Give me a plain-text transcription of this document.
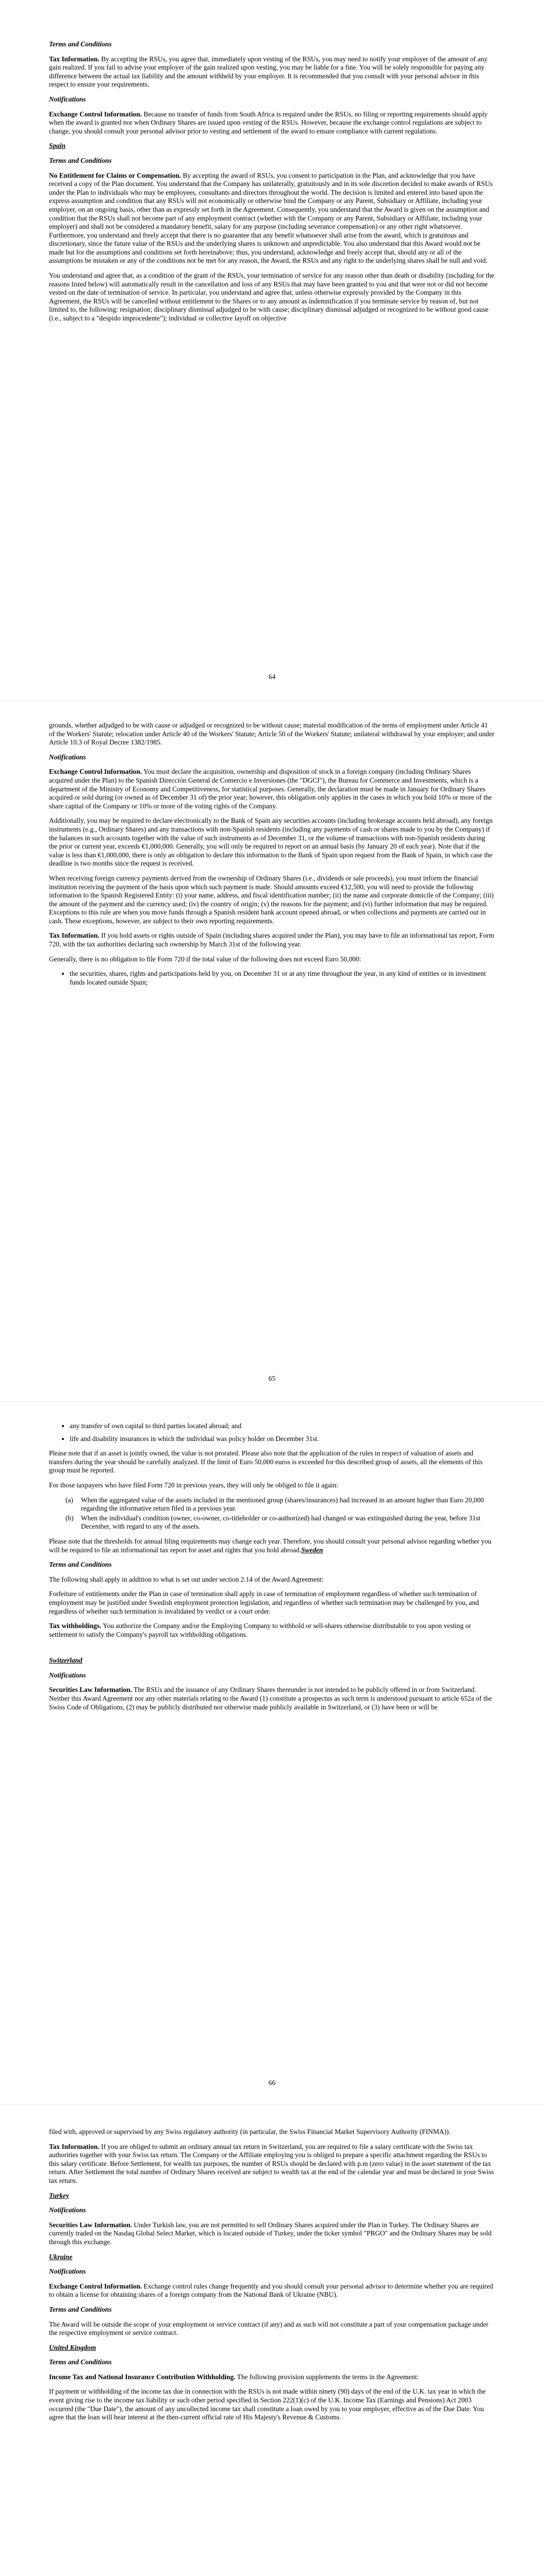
Terms and Conditions

Tax Information. By accepting the RSUs, you agree that, immediately upon vesting of the RSUs, you may need to notify your employer of the amount of any gain realized. If you fail to advise your employer of the gain realized upon vesting, you may be liable for a fine. You will be solely responsible for paying any difference between the actual tax liability and the amount withheld by your employer. It is recommended that you consult with your personal advisor in this respect to ensure your requirements.

Notifications

Exchange Control Information. Because no transfer of funds from South Africa is required under the RSUs, no filing or reporting requirements should apply when the award is granted nor when Ordinary Shares are issued upon vesting of the RSUs. However, because the exchange control regulations are subject to change, you should consult your personal advisor prior to vesting and settlement of the award to ensure compliance with current regulations.

Spain
Terms and Conditions

No Entitlement for Claims or Compensation. By accepting the award of RSUs, you consent to participation in the Plan, and acknowledge that you have received a copy of the Plan document. You understand that the Company has unilaterally, gratuitously and in its sole discretion decided to make awards of RSUs under the Plan to individuals who may be employees, consultants and directors throughout the world. The decision is limited and entered into based upon the express assumption and condition that any RSUs will not economically or otherwise bind the Company or any Parent, Subsidiary or Affiliate, including your employer, on an ongoing basis, other than as expressly set forth in the Agreement. Consequently, you understand that the Award is given on the assumption and condition that the RSUs shall not become part of any employment contract (whether with the Company or any Parent, Subsidiary or Affiliate, including your employer) and shall not be considered a mandatory benefit, salary for any purpose (including severance compensation) or any other right whatsoever. Furthermore, you understand and freely accept that there is no guarantee that any benefit whatsoever shall arise from the award, which is gratuitous and discretionary, since the future value of the RSUs and the underlying shares is unknown and unpredictable. You also understand that this Award would not be made but for the assumptions and conditions set forth hereinabove; thus, you understand, acknowledge and freely accept that, should any or all of the assumptions be mistaken or any of the conditions not be met for any reason, the Award, the RSUs and any right to the underlying shares shall be null and void.

You understand and agree that, as a condition of the grant of the RSUs, your termination of service for any reason other than death or disability (including for the reasons listed below) will automatically result in the cancellation and loss of any RSUs that may have been granted to you and that were not or did not become vested on the date of termination of service. In particular, you understand and agree that, unless otherwise expressly provided by the Company in this Agreement, the RSUs will be cancelled without entitlement to the Shares or to any amount as indemnification if you terminate service by reason of, but not limited to, the following: resignation; disciplinary dismissal adjudged to be with cause; disciplinary dismissal adjudged or recognized to be without good cause (i.e., subject to a "despido improcedente"); individual or collective layoff on objective

64

grounds, whether adjudged to be with cause or adjudged or recognized to be without cause; material modification of the terms of employment under Article 41 of the Workers' Statute; relocation under Article 40 of the Workers' Statute; Article 50 of the Workers' Statute; unilateral withdrawal by your employer; and under Article 10.3 of Royal Decree 1382/1985.

Notifications

Exchange Control Information. You must declare the acquisition, ownership and disposition of stock in a foreign company (including Ordinary Shares acquired under the Plan) to the Spanish Dirección General de Comercio e Inversiones (the "DGCI"), the Bureau for Commerce and Investments, which is a department of the Ministry of Economy and Competitiveness, for statistical purposes. Generally, the declaration must be made in January for Ordinary Shares acquired or sold during (or owned as of December 31 of) the prior year; however, this obligation only applies in the cases in which you hold 10% or more of the share capital of the Company or 10% or more of the voting rights of the Company.

Additionally, you may be required to declare electronically to the Bank of Spain any securities accounts (including brokerage accounts held abroad), any foreign instruments (e.g., Ordinary Shares) and any transactions with non-Spanish residents (including any payments of cash or shares made to you by the Company) if the balances in such accounts together with the value of such instruments as of December 31, or the volume of transactions with non-Spanish residents during the prior or current year, exceeds €1,000,000. Generally, you will only be required to report on an annual basis (by January 20 of each year). Note that if the value is less than €1,000,000, there is only an obligation to declare this information to the Bank of Spain upon request from the Bank of Spain, in which case the deadline is two months since the request is received.

When receiving foreign currency payments derived from the ownership of Ordinary Shares (i.e., dividends or sale proceeds), you must inform the financial institution receiving the payment of the basis upon which such payment is made. Should amounts exceed €12,500, you will need to provide the following information to the Spanish Registered Entity: (i) your name, address, and fiscal identification number; (ii) the name and corporate domicile of the Company; (iii) the amount of the payment and the currency used; (iv) the country of origin; (v) the reasons for the payment; and (vi) further information that may be required. Exceptions to this rule are when you move funds through a Spanish resident bank account opened abroad, or when collections and payments are carried out in cash. These exceptions, however, are subject to their own reporting requirements.

Tax Information. If you hold assets or rights outside of Spain (including shares acquired under the Plan), you may have to file an informational tax report, Form 720, with the tax authorities declaring such ownership by March 31st of the following year.

Generally, there is no obligation to file Form 720 if the total value of the following does not exceed Euro 50,000:

• the securities, shares, rights and participations held by you, on December 31 or at any time throughout the year, in any kind of entities or in investment funds located outside Spain;
65
• any transfer of own capital to third parties located abroad; and
• life and disability insurances in which the individual was policy holder on December 31st.

Please note that if an asset is jointly owned, the value is not prorated. Please also note that the application of the rules in respect of valuation of assets and transfers during the year should be carefully analyzed. If the limit of Euro 50,000 euros is exceeded for this described group of assets, all the elements of this group must be reported.

For those taxpayers who have filed Form 720 in previous years, they will only be obliged to file it again:

(a) When the aggregated value of the assets included in the mentioned group (shares/insurances) had increased in an amount higher than Euro 20,000 regarding the informative return filed in a previous year.
(b) When the individual's condition (owner, co-owner, co-titleholder or co-authorized) had changed or was extinguished during the year, before 31st December, with regard to any of the assets.

Please note that the thresholds for annual filing requirements may change each year. Therefore, you should consult your personal advisor regarding whether you will be required to file an informational tax report for asset and rights that you hold abroad.Sweden

Terms and Conditions

The following shall apply in addition to what is set out under section 2.14 of the Award Agreement:

Forfeiture of entitlements under the Plan in case of termination shall apply in case of termination of employment regardless of whether such termination of employment may be justified under Swedish employment protection legislation, and regardless of whether such termination may be challenged by you, and regardless of whether such termination is invalidated by verdict or a court order.

Tax withholdings. You authorize the Company and/or the Employing Company to withhold or sell-shares otherwise distributable to you upon vesting or settlement to satisfy the Company's payroll tax withholding obligations.

Switzerland
Notifications

Securities Law Information. The RSUs and the issuance of any Ordinary Shares thereunder is not intended to be publicly offered in or from Switzerland. Neither this Award Agreement nor any other materials relating to the Award (1) constitute a prospectus as such term is understood pursuant to article 652a of the Swiss Code of Obligations, (2) may be publicly distributed nor otherwise made publicly available in Switzerland, or (3) have been or will be

66

filed with, approved or supervised by any Swiss regulatory authority (in particular, the Swiss Financial Market Supervisory Authority (FINMA)).

Tax Information. If you are obliged to submit an ordinary annual tax return in Switzerland, you are required to file a salary certificate with the Swiss tax authorities together with your Swiss tax return. The Company or the Affiliate employing you is obliged to prepare a specific attachment regarding the RSUs to this salary certificate. Before Settlement, for wealth tax purposes, the number of RSUs should be declared with p.m (zero value) in the asset statement of the tax return. After Settlement the total number of Ordinary Shares received are subject to wealth tax at the end of the calendar year and must be declared in your Swiss tax return.

Turkey
Notifications

Securities Law Information. Under Turkish law, you are not permitted to sell Ordinary Shares acquired under the Plan in Turkey. The Ordinary Shares are currently traded on the Nasdaq Global Select Market, which is located outside of Turkey, under the ticker symbol "PRGO" and the Ordinary Shares may be sold through this exchange.

Ukraine
Notifications

Exchange Control Information. Exchange control rules change frequently and you should consult your personal advisor to determine whether you are required to obtain a license for obtaining shares of a foreign company from the National Bank of Ukraine (NBU).

Terms and Conditions

The Award will be outside the scope of your employment or service contract (if any) and as such will not constitute a part of your compensation package under the respective employment or service contract.

United Kingdom
Terms and Conditions

Income Tax and National Insurance Contribution Withholding. The following provision supplements the terms in the Agreement:

If payment or withholding of the income tax due in connection with the RSUs is not made within ninety (90) days of the end of the U.K. tax year in which the event giving rise to the income tax liability or such other period specified in Section 222(1)(c) of the U.K. Income Tax (Earnings and Pensions) Act 2003 occurred (the "Due Date"), the amount of any uncollected income tax shall constitute a loan owed by you to your employer, effective as of the Due Date. You agree that the loan will bear interest at the then-current official rate of His Majesty's Revenue & Customs
